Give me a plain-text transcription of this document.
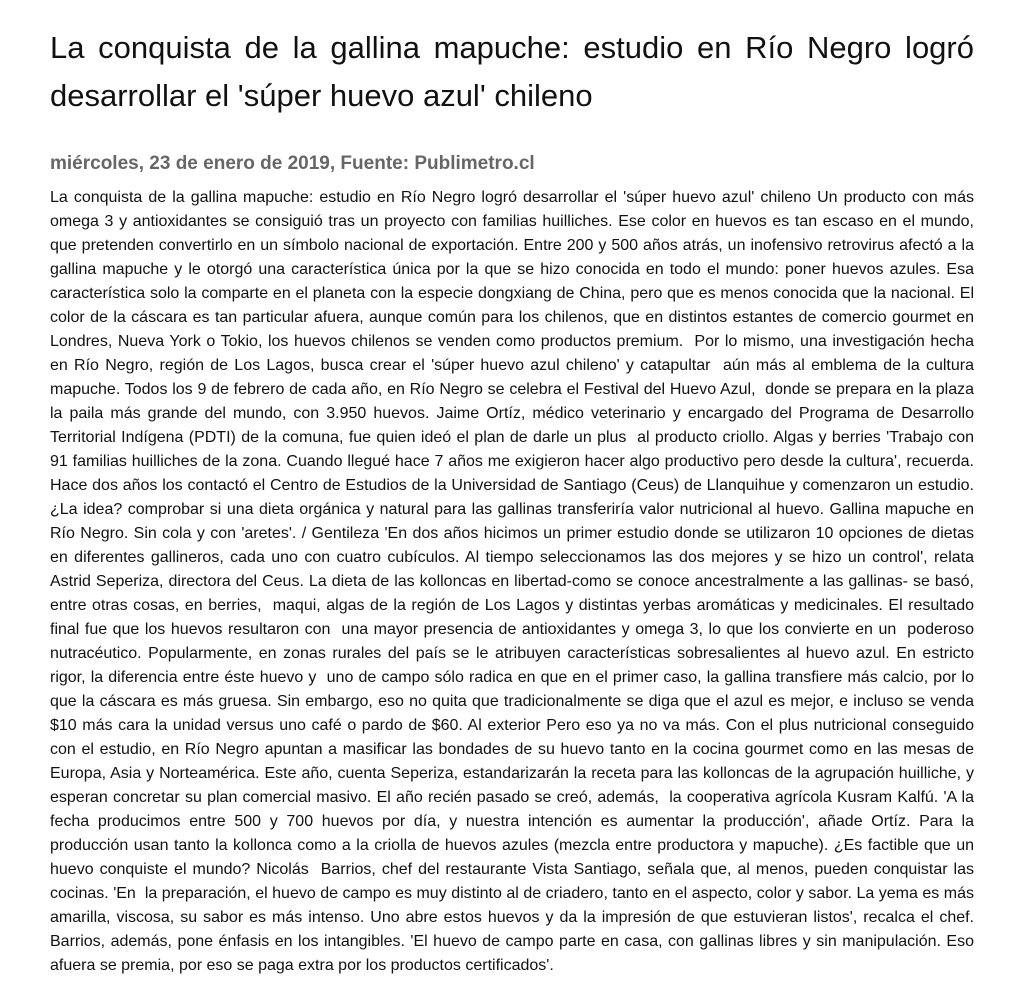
La conquista de la gallina mapuche: estudio en Río Negro logró desarrollar el 'súper huevo azul' chileno
miércoles, 23 de enero de 2019, Fuente: Publimetro.cl

La conquista de la gallina mapuche: estudio en Río Negro logró desarrollar el 'súper huevo azul' chileno Un producto con más omega 3 y antioxidantes se consiguió tras un proyecto con familias huilliches. Ese color en huevos es tan escaso en el mundo, que pretenden convertirlo en un símbolo nacional de exportación. Entre 200 y 500 años atrás, un inofensivo retrovirus afectó a la gallina mapuche y le otorgó una característica única por la que se hizo conocida en todo el mundo: poner huevos azules. Esa característica solo la comparte en el planeta con la especie dongxiang de China, pero que es menos conocida que la nacional. El color de la cáscara es tan particular afuera, aunque común para los chilenos, que en distintos estantes de comercio gourmet en Londres, Nueva York o Tokio, los huevos chilenos se venden como productos premium.  Por lo mismo, una investigación hecha  en Río Negro, región de Los Lagos, busca crear el 'súper huevo azul chileno' y catapultar  aún más al emblema de la cultura mapuche. Todos los 9 de febrero de cada año, en Río Negro se celebra el Festival del Huevo Azul,  donde se prepara en la plaza  la paila más grande del mundo, con 3.950 huevos. Jaime Ortíz, médico veterinario y encargado del Programa de Desarrollo Territorial Indígena (PDTI) de la comuna, fue quien ideó el plan de darle un plus  al producto criollo. Algas y berries 'Trabajo con 91 familias huilliches de la zona. Cuando llegué hace 7 años me exigieron hacer algo productivo pero desde la cultura', recuerda. Hace dos años los contactó el Centro de Estudios de la Universidad de Santiago (Ceus) de Llanquihue y comenzaron un estudio. ¿La idea? comprobar si una dieta orgánica y natural para las gallinas transferiría valor nutricional al huevo. Gallina mapuche en Río Negro. Sin cola y con 'aretes'. / Gentileza 'En dos años hicimos un primer estudio donde se utilizaron 10 opciones de dietas en diferentes gallineros, cada uno con cuatro cubículos. Al tiempo seleccionamos las dos mejores y se hizo un control', relata Astrid Seperiza, directora del Ceus. La dieta de las kolloncas en libertad-como se conoce ancestralmente a las gallinas- se basó, entre otras cosas, en berries,  maqui, algas de la región de Los Lagos y distintas yerbas aromáticas y medicinales. El resultado final fue que los huevos resultaron con  una mayor presencia de antioxidantes y omega 3, lo que los convierte en un  poderoso  nutracéutico. Popularmente, en zonas rurales del país se le atribuyen características sobresalientes al huevo azul. En estricto rigor, la diferencia entre éste huevo y  uno de campo sólo radica en que en el primer caso, la gallina transfiere más calcio, por lo que la cáscara es más gruesa. Sin embargo, eso no quita que tradicionalmente se diga que el azul es mejor, e incluso se venda $10 más cara la unidad versus uno café o pardo de $60. Al exterior Pero eso ya no va más. Con el plus nutricional conseguido con el estudio, en Río Negro apuntan a masificar las bondades de su huevo tanto en la cocina gourmet como en las mesas de Europa, Asia y Norteamérica. Este año, cuenta Seperiza, estandarizarán la receta para las kolloncas de la agrupación huilliche, y esperan concretar su plan comercial masivo. El año recién pasado se creó, además,  la cooperativa agrícola Kusram Kalfú. 'A la fecha producimos entre 500 y 700 huevos por día, y nuestra intención es aumentar la producción', añade Ortíz. Para la producción usan tanto la kollonca como a la criolla de huevos azules (mezcla entre productora y mapuche). ¿Es factible que un huevo conquiste el mundo? Nicolás  Barrios, chef del restaurante Vista Santiago, señala que, al menos, pueden conquistar las cocinas. 'En  la preparación, el huevo de campo es muy distinto al de criadero, tanto en el aspecto, color y sabor. La yema es más amarilla, viscosa, su sabor es más intenso. Uno abre estos huevos y da la impresión de que estuvieran listos', recalca el chef. Barrios, además, pone énfasis en los intangibles. 'El huevo de campo parte en casa, con gallinas libres y sin manipulación. Eso afuera se premia, por eso se paga extra por los productos certificados'.
